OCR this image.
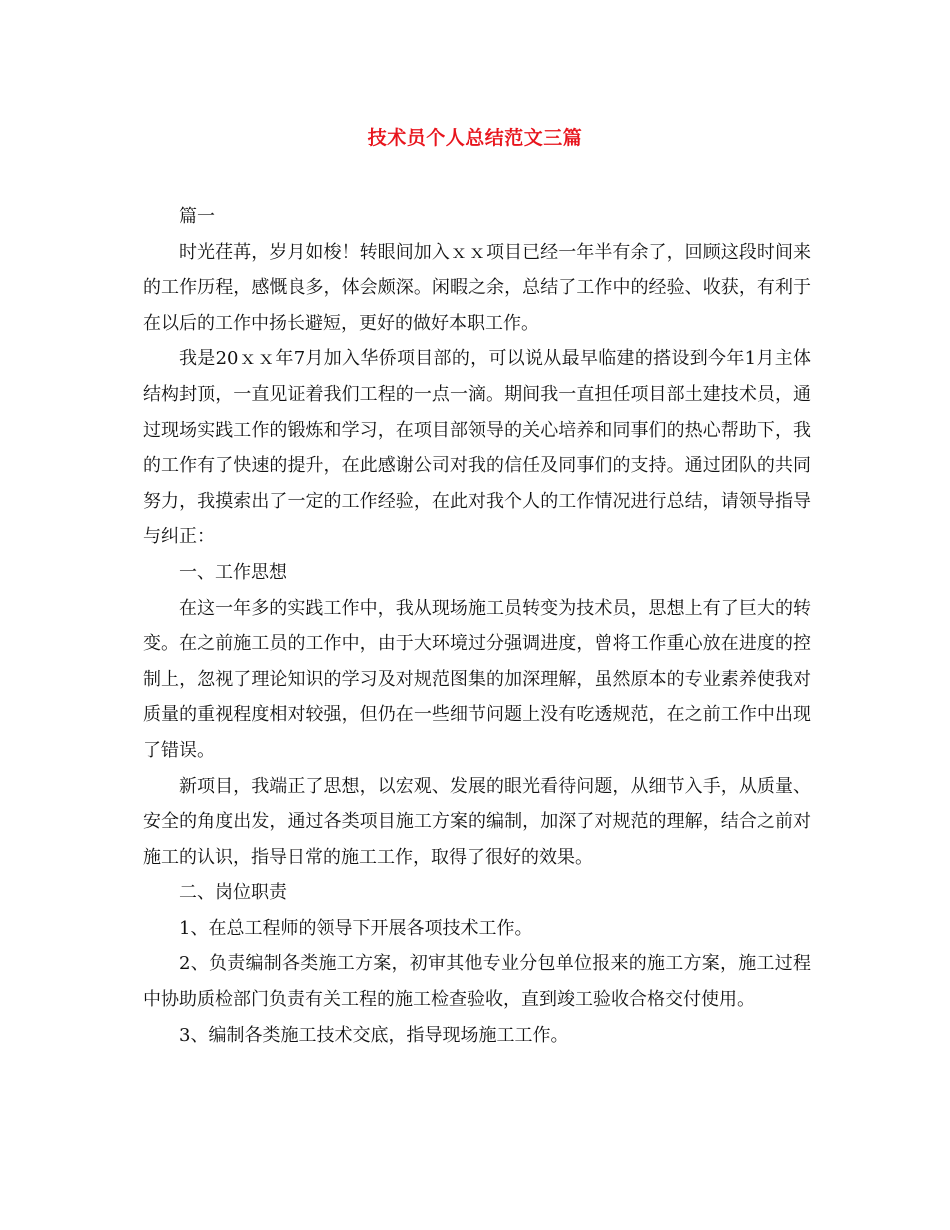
技术员个人总结范文三篇

篇一

时光荏苒，岁月如梭！转眼间加入ｘｘ项目已经一年半有余了，回顾这段时间来的工作历程，感慨良多，体会颇深。闲暇之余，总结了工作中的经验、收获，有利于在以后的工作中扬长避短，更好的做好本职工作。

我是20ｘｘ年7月加入华侨项目部的，可以说从最早临建的搭设到今年1月主体结构封顶，一直见证着我们工程的一点一滴。期间我一直担任项目部土建技术员，通过现场实践工作的锻炼和学习，在项目部领导的关心培养和同事们的热心帮助下，我的工作有了快速的提升，在此感谢公司对我的信任及同事们的支持。通过团队的共同努力，我摸索出了一定的工作经验，在此对我个人的工作情况进行总结，请领导指导与纠正：

一、工作思想

在这一年多的实践工作中，我从现场施工员转变为技术员，思想上有了巨大的转变。在之前施工员的工作中，由于大环境过分强调进度，曾将工作重心放在进度的控制上，忽视了理论知识的学习及对规范图集的加深理解，虽然原本的专业素养使我对质量的重视程度相对较强，但仍在一些细节问题上没有吃透规范，在之前工作中出现了错误。

新项目，我端正了思想，以宏观、发展的眼光看待问题，从细节入手，从质量、安全的角度出发，通过各类项目施工方案的编制，加深了对规范的理解，结合之前对施工的认识，指导日常的施工工作，取得了很好的效果。

二、岗位职责

1、在总工程师的领导下开展各项技术工作。

2、负责编制各类施工方案，初审其他专业分包单位报来的施工方案，施工过程中协助质检部门负责有关工程的施工检查验收，直到竣工验收合格交付使用。

3、编制各类施工技术交底，指导现场施工工作。
